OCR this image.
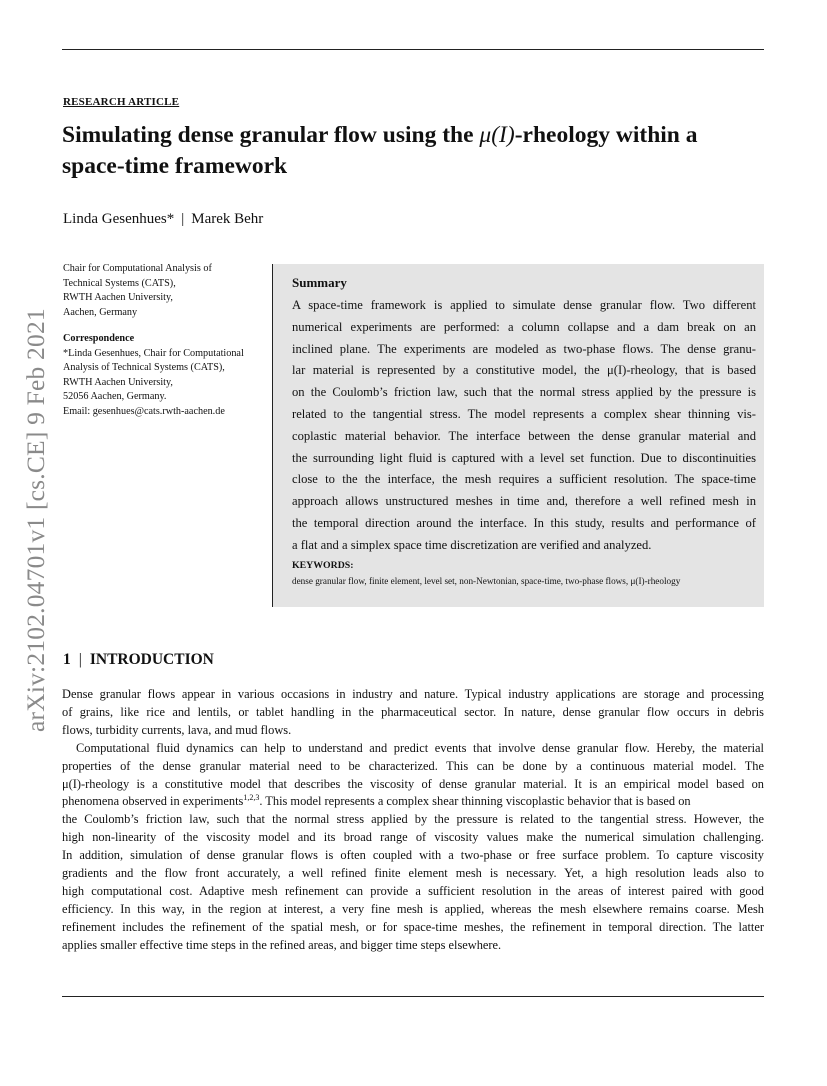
arXiv:2102.04701v1 [cs.CE] 9 Feb 2021
RESEARCH ARTICLE
Simulating dense granular flow using the μ(I)-rheology within a space-time framework
Linda Gesenhues* | Marek Behr
Chair for Computational Analysis of
Technical Systems (CATS),
RWTH Aachen University,
Aachen, Germany
Correspondence
*Linda Gesenhues, Chair for Computational
Analysis of Technical Systems (CATS),
RWTH Aachen University,
52056 Aachen, Germany.
Email: gesenhues@cats.rwth-aachen.de
Summary
A space-time framework is applied to simulate dense granular flow. Two different
numerical experiments are performed: a column collapse and a dam break on an
inclined plane. The experiments are modeled as two-phase flows. The dense granu-
lar material is represented by a constitutive model, the μ(I)-rheology, that is based
on the Coulomb’s friction law, such that the normal stress applied by the pressure is
related to the tangential stress. The model represents a complex shear thinning vis-
coplastic material behavior. The interface between the dense granular material and
the surrounding light fluid is captured with a level set function. Due to discontinuities
close to the the interface, the mesh requires a sufficient resolution. The space-time
approach allows unstructured meshes in time and, therefore a well refined mesh in
the temporal direction around the interface. In this study, results and performance of
a flat and a simplex space time discretization are verified and analyzed.
KEYWORDS:
dense granular flow, finite element, level set, non-Newtonian, space-time, two-phase flows, μ(I)-rheology
1 | INTRODUCTION
Dense granular flows appear in various occasions in industry and nature. Typical industry applications are storage and processing
of grains, like rice and lentils, or tablet handling in the pharmaceutical sector. In nature, dense granular flow occurs in debris
flows, turbidity currents, lava, and mud flows.
Computational fluid dynamics can help to understand and predict events that involve dense granular flow. Hereby, the material
properties of the dense granular material need to be characterized. This can be done by a continuous material model. The
μ(I)-rheology is a constitutive model that describes the viscosity of dense granular material. It is an empirical model based on
phenomena observed in experiments$^{1,2,3}$. This model represents a complex shear thinning viscoplastic behavior that is based on
the Coulomb’s friction law, such that the normal stress applied by the pressure is related to the tangential stress. However, the
high non-linearity of the viscosity model and its broad range of viscosity values make the numerical simulation challenging.
In addition, simulation of dense granular flows is often coupled with a two-phase or free surface problem. To capture viscosity
gradients and the flow front accurately, a well refined finite element mesh is necessary. Yet, a high resolution leads also to
high computational cost. Adaptive mesh refinement can provide a sufficient resolution in the areas of interest paired with good
efficiency. In this way, in the region at interest, a very fine mesh is applied, whereas the mesh elsewhere remains coarse. Mesh
refinement includes the refinement of the spatial mesh, or for space-time meshes, the refinement in temporal direction. The latter
applies smaller effective time steps in the refined areas, and bigger time steps elsewhere.
